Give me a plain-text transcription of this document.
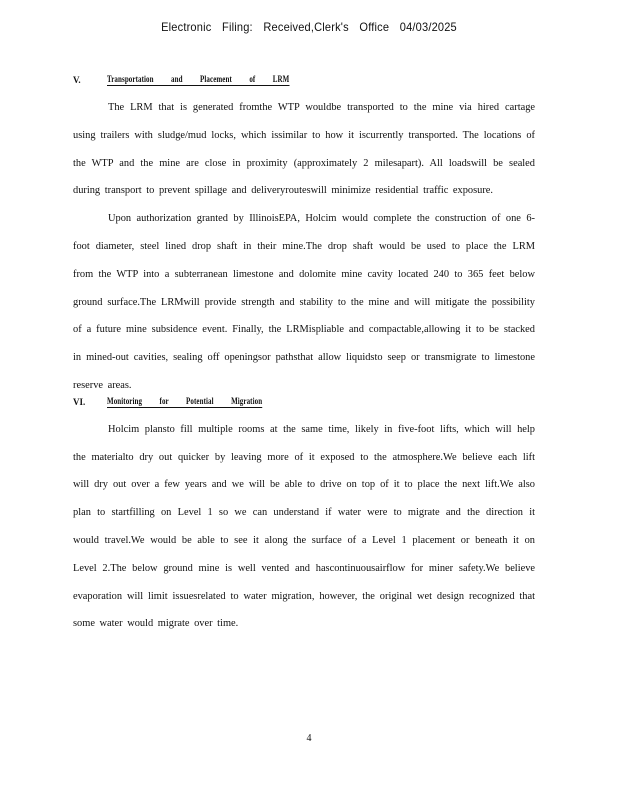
Electronic Filing: Received,Clerk's Office 04/03/2025
V.	Transportation and Placement of LRM

The LRM that is generated fromthe WTP wouldbe transported to the mine via hired cartage using trailers with sludge/mud locks, which issimilar to how it iscurrently transported. The locations of the WTP and the mine are close in proximity (approximately 2 milesapart). All loadswill be sealed during transport to prevent spillage and deliveryrouteswill minimize residential traffic exposure.

Upon authorization granted by IllinoisEPA, Holcim would complete the construction of one 6-foot diameter, steel lined drop shaft in their mine.The drop shaft would be used to place the LRM from the WTP into a subterranean limestone and dolomite mine cavity located 240 to 365 feet below ground surface.The LRMwill provide strength and stability to the mine and will mitigate the possibility of a future mine subsidence event. Finally, the LRMispliable and compactable,allowing it to be stacked in mined-out cavities, sealing off openingsor pathsthat allow liquidsto seep or transmigrate to limestone reserve areas.

VI.	Monitoring for Potential Migration

Holcim plansto fill multiple rooms at the same time, likely in five-foot lifts, which will help the materialto dry out quicker by leaving more of it exposed to the atmosphere.We believe each lift will dry out over a few years and we will be able to drive on top of it to place the next lift.We also plan to startfilling on Level 1 so we can understand if water were to migrate and the direction it would travel.We would be able to see it along the surface of a Level 1 placement or beneath it on Level 2.The below ground mine is well vented and hascontinuousairflow for miner safety.We believe evaporation will limit issuesrelated to water migration, however, the original wet design recognized that some water would migrate over time.

4
